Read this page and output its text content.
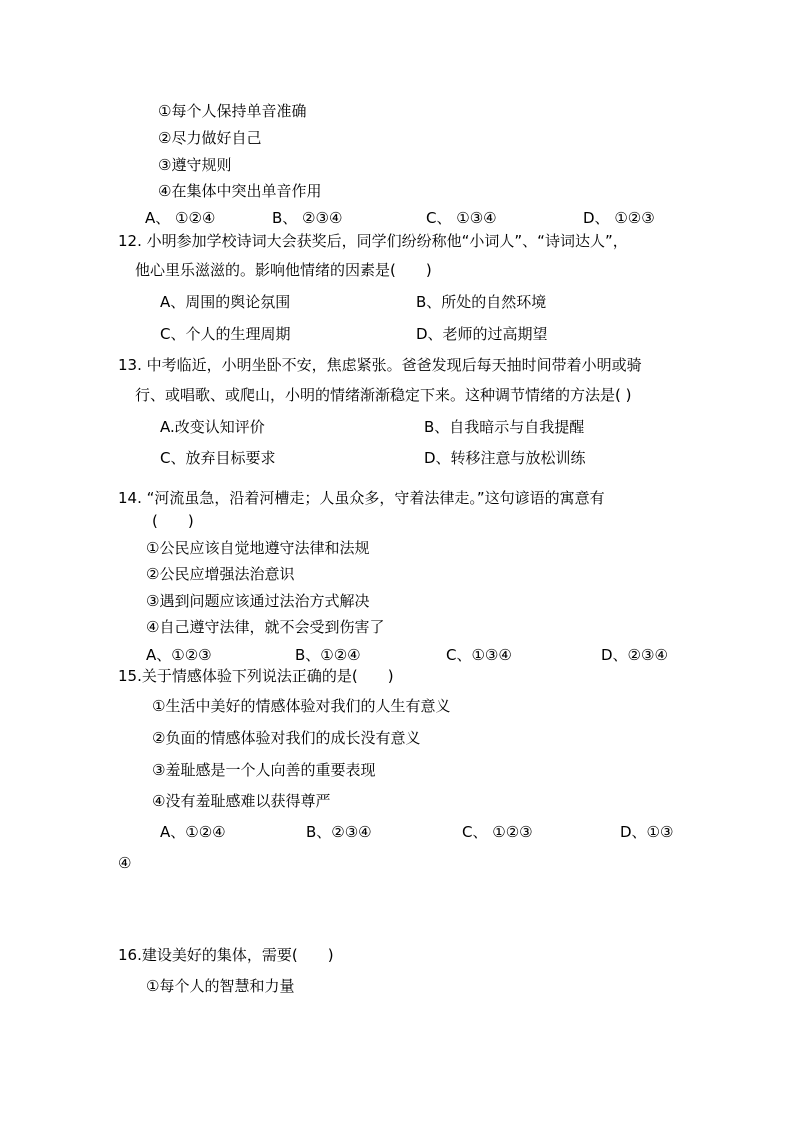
①每个人保持单音准确
②尽力做好自己
③遵守规则
④在集体中突出单音作用
A、 ①②④	B、 ②③④	C、 ①③④	D、 ①②③
12. 小明参加学校诗词大会获奖后，同学们纷纷称他“小词人”、“诗词达人”，
他心里乐滋滋的。影响他情绪的因素是(　　)
A、周围的舆论氛围	B、所处的自然环境
C、个人的生理周期	D、老师的过高期望
13. 中考临近，小明坐卧不安，焦虑紧张。爸爸发现后每天抽时间带着小明或骑
行、或唱歌、或爬山，小明的情绪渐渐稳定下来。这种调节情绪的方法是( )
A.改变认知评价	B、自我暗示与自我提醒
C、放弃目标要求	D、转移注意与放松训练
14. “河流虽急，沿着河槽走；人虽众多，守着法律走。”这句谚语的寓意有
(　　)
①公民应该自觉地遵守法律和法规
②公民应增强法治意识
③遇到问题应该通过法治方式解决
④自己遵守法律，就不会受到伤害了
A、①②③	B、①②④	C、①③④	D、②③④
15.关于情感体验下列说法正确的是(　　)
①生活中美好的情感体验对我们的人生有意义
②负面的情感体验对我们的成长没有意义
③羞耻感是一个人向善的重要表现
④没有羞耻感难以获得尊严
A、①②④	B、②③④	C、 ①②③	D、①③
④
16.建设美好的集体，需要(　　)
①每个人的智慧和力量
